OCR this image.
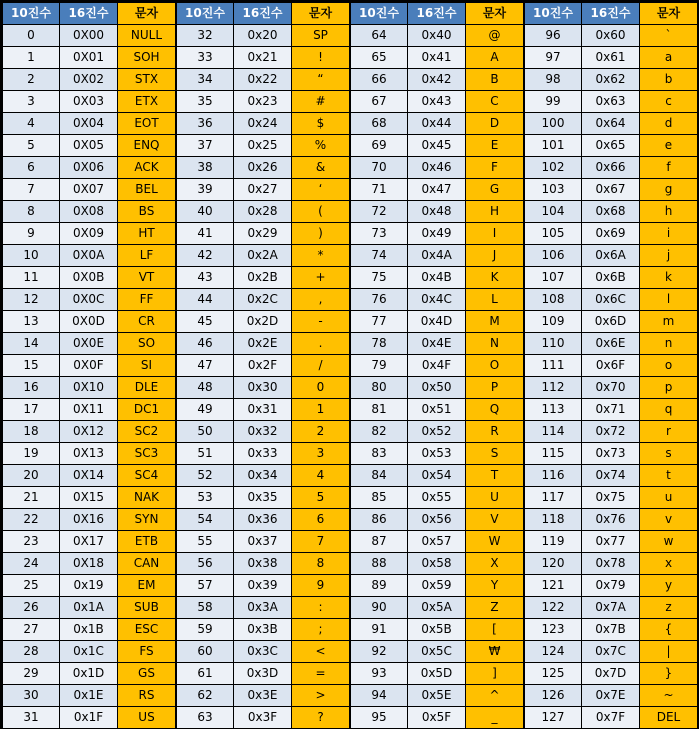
10진수	16진수	문자
0	0X00	NULL
1	0X01	SOH
2	0X02	STX
3	0X03	ETX
4	0X04	EOT
5	0X05	ENQ
6	0X06	ACK
7	0X07	BEL
8	0X08	BS
9	0X09	HT
10	0X0A	LF
11	0X0B	VT
12	0X0C	FF
13	0X0D	CR
14	0X0E	SO
15	0X0F	SI
16	0X10	DLE
17	0X11	DC1
18	0X12	SC2
19	0X13	SC3
20	0X14	SC4
21	0X15	NAK
22	0X16	SYN
23	0X17	ETB
24	0X18	CAN
25	0x19	EM
26	0x1A	SUB
27	0x1B	ESC
28	0x1C	FS
29	0x1D	GS
30	0x1E	RS
31	0x1F	US
10진수	16진수	문자
32	0x20	SP
33	0x21	!
34	0x22	“
35	0x23	#
36	0x24	$
37	0x25	%
38	0x26	&
39	0x27	‘
40	0x28	(
41	0x29	)
42	0x2A	*
43	0x2B	+
44	0x2C	,
45	0x2D	-
46	0x2E	.
47	0x2F	/
48	0x30	0
49	0x31	1
50	0x32	2
51	0x33	3
52	0x34	4
53	0x35	5
54	0x36	6
55	0x37	7
56	0x38	8
57	0x39	9
58	0x3A	:
59	0x3B	;
60	0x3C	<
61	0x3D	=
62	0x3E	>
63	0x3F	?
10진수	16진수	문자
64	0x40	@
65	0x41	A
66	0x42	B
67	0x43	C
68	0x44	D
69	0x45	E
70	0x46	F
71	0x47	G
72	0x48	H
73	0x49	I
74	0x4A	J
75	0x4B	K
76	0x4C	L
77	0x4D	M
78	0x4E	N
79	0x4F	O
80	0x50	P
81	0x51	Q
82	0x52	R
83	0x53	S
84	0x54	T
85	0x55	U
86	0x56	V
87	0x57	W
88	0x58	X
89	0x59	Y
90	0x5A	Z
91	0x5B	[
92	0x5C	₩
93	0x5D	]
94	0x5E	^
95	0x5F	_
10진수	16진수	문자
96	0x60	`
97	0x61	a
98	0x62	b
99	0x63	c
100	0x64	d
101	0x65	e
102	0x66	f
103	0x67	g
104	0x68	h
105	0x69	i
106	0x6A	j
107	0x6B	k
108	0x6C	l
109	0x6D	m
110	0x6E	n
111	0x6F	o
112	0x70	p
113	0x71	q
114	0x72	r
115	0x73	s
116	0x74	t
117	0x75	u
118	0x76	v
119	0x77	w
120	0x78	x
121	0x79	y
122	0x7A	z
123	0x7B	{
124	0x7C	|
125	0x7D	}
126	0x7E	~
127	0x7F	DEL
